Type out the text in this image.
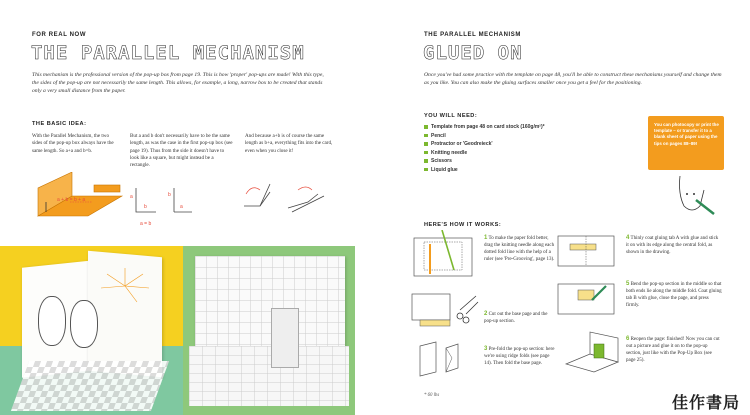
FOR REAL NOW
THE PARALLEL MECHANISM
This mechanism is the professional version of the pop-up box from page 19. This is how 'proper' pop-ups are made! With this type, the sides of the pop-up are not necessarily the same length. This allows, for example, a long, narrow box to be created that stands only a very small distance from the paper.
THE BASIC IDEA:
With the Parallel Mechanism, the two sides of the pop-up box always have the same length. So a+a and b=b.
But a and b don't necessarily have to be the same length, as was the case in the first pop-up box (see page 19). Thus from the side it doesn't have to look like a square, but might instead be a rectangle.
And because a+b is of course the same length as b+a, everything fits into the card, even when you close it!
a + b = b + a	a
b
b
a
a = b
THE PARALLEL MECHANISM
GLUED ON
Once you've had some practice with the template on page 48, you'll be able to construct these mechanisms yourself and change them as you like. You can also make the gluing surfaces smaller once you get a feel for the positioning.
YOU WILL NEED:
Template from page 48 on card stock (160g/m²)*
Pencil
Protractor or 'Geodreieck'
Knitting needle
Scissors
Liquid glue
You can photocopy or print the template – or transfer it to a blank sheet of paper using the tips on pages 88–89!
HERE'S HOW IT WORKS:
1 To make the paper fold better, drag the knitting needle along each dotted fold line with the help of a ruler (see 'Pre-Grooving', page 13).
2 Cut out the base page and the pop-up section.
3 Pre-fold the pop-up section: here we're using ridge folds (see page 14). Then fold the base page.
4 Thinly coat gluing tab A with glue and stick it on with its edge along the central fold, as shown in the drawing.
5 Bend the pop-up section in the middle so that both ends lie along the middle fold. Coat gluing tab B with glue, close the page, and press firmly.
6 Reopen the page: finished! Now you can cut out a picture and glue it on to the pop-up section, just like with the Pop-Up Box (see page 25).
* 60 lbs	佳作書局
